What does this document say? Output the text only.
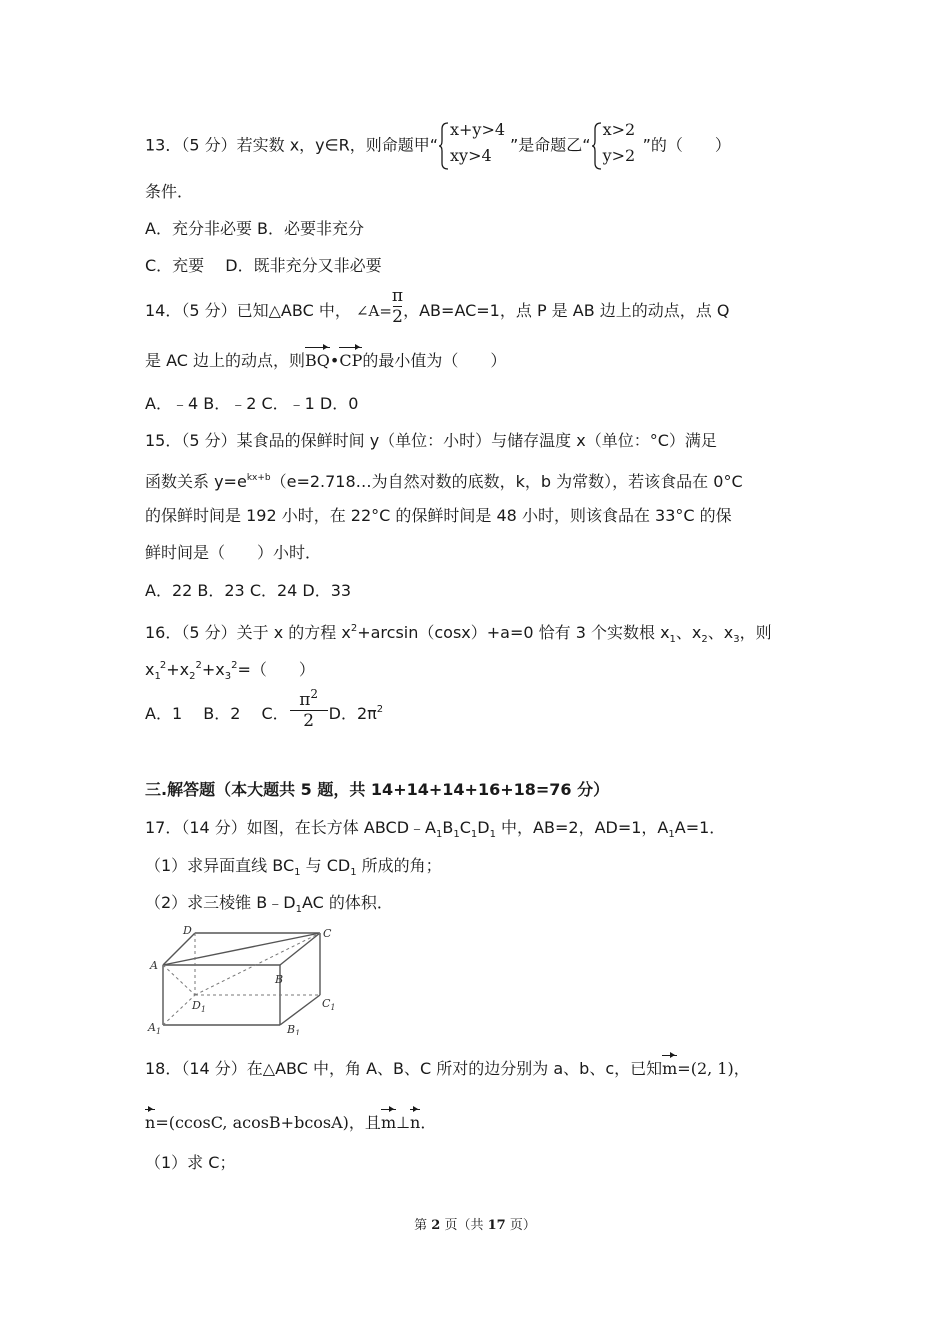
13．（5 分）若实数 x，y∈R，则命题甲“
x+y>4
xy>4
”是命题乙“
x>2
y>2
”的（　　）
条件．
A．充分非必要 B．必要非充分
C．充要　 D．既非充分又非必要
14．（5 分）已知△ABC 中， ∠A= $\frac{\pi}{2}$ ，AB=AC=1，点 P 是 AB 边上的动点，点 Q
是 AC 边上的动点，则BQ•CP的最小值为（　　）
A．﹣4 B．﹣2 C．﹣1 D．0
15．（5 分）某食品的保鲜时间 y（单位：小时）与储存温度 x（单位：°C）满足
函数关系 $y=e^{kx+b}(e=2.718\dots$为自然对数的底数，k，b 为常数），若该食品在 0°C
的保鲜时间是 192 小时，在 22°C 的保鲜时间是 48 小时，则该食品在 33°C 的保
鲜时间是（　　）小时．
A．22 B．23 C．24 D．33
16．（5 分）关于 x 的方程 $x^2+\arcsin(\cos x)+a=0$ 恰有 3 个实数根 $x_1$、$x_2$、$x_3$，则
$x_1^2+x_2^2+x_3^2=$（　　）
A．1　 B．2　 C． $\frac{\pi^2}{2}$ D．$2\pi^2$
三.解答题（本大题共 5 题，共 14+14+14+16+18=76 分）
17．（14 分）如图，在长方体 $ABCD﹣A_1B_1C_1D_1$ 中，AB=2，AD=1，$A_1A=1$．
（1）求异面直线 $BC_1$ 与 $CD_1$ 所成的角；
（2）求三棱锥 $B﹣D_1AC$ 的体积．
A
B
C
D
$A_1$	$B_1$
$C_1$
$D_1$
18．（14 分）在△ABC 中，角 A、B、C 所对的边分别为 a、b、c，已知m=(2, 1)，
n=(ccosC, acosB+bcosA)，且m⊥n．
（1）求 C；
第 2 页（共 17 页）
